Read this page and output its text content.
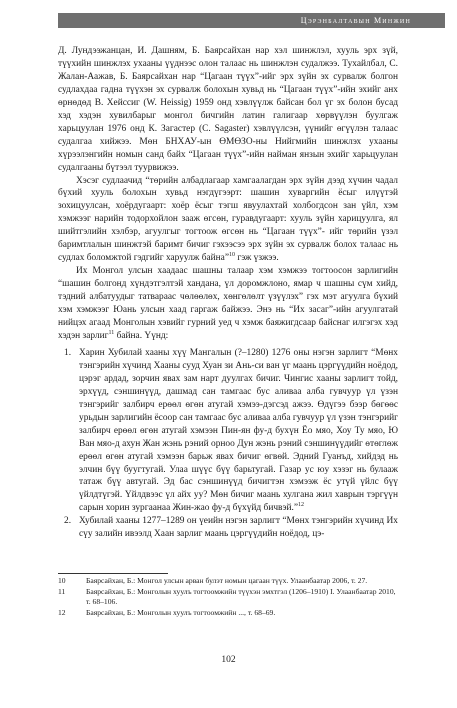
Цэрэнбалтавын Минжин

Д. Лундээжанцан, И. Дашням, Б. Баярсайхан нар хэл шинжлэл, хууль эрх зүй, түүхийн шинжлэх ухааны үүднээс олон талаас нь шинжлэн судалжээ. Тухайлбал, С. Жалан-Аажав, Б. Баярсайхан нар “Цагаан түүх”-ийг эрх зүйн эх сурвалж болгон судлахдаа гадна түүхэн эх сурвалж болохын хувьд нь “Цагаан түүх”-ийн эхийг анх өрнөдөд В. Хейссиг (W. Heissig) 1959 онд хэвлүүлж байсан бол үг эх болон бусад хэд хэдэн хувилбарыг монгол бичгийн латин галигаар хөрвүүлэн буулгаж харьцуулан 1976 онд К. Загастер (С. Sagaster) хэвлүүлсэн, үүнийг өгүүлэн талаас судалгаа хийжээ. Мөн БНХАУ-ын ӨМӨЗО-ны Нийгмийн шинжлэх ухааны хүрээлэнгийн номын санд байх “Цагаан түүх”-ийн найман янзын эхийг харьцуулан судалгааны бүтээл туурвижээ.

Хэсэг судлаачид “төрийн албадлагаар хамгаалагдан эрх зүйн дээд хүчин чадал бүхий хууль болохын хувьд нэгдүгээрт: шашин хуваргийн ёсыг илүүтэй зохицуулсан, хоёрдугаарт: хоёр ёсыг тэгш явуулахтай холбогдсон зан үйл, хэм хэмжээг нарийн тодорхойлон зааж өгсөн, гуравдугаарт: хууль зүйн харицуулга, ял шийтгэлийн хэлбэр, агуулгыг тогтоож өгсөн нь “Цагаан түүх”- ийг төрийн үзэл баримтлалын шинжтэй баримт бичиг гэхээсээ эрх зүйн эх сурвалж болох талаас нь судлах боломжтой гэдгийг харуулж байна”$^{10}$ гэж үзжээ.

Их Монгол улсын хаадаас шашны талаар хэм хэмжээ тогтоосон зарлигийн “шашин болгонд хүндэтгэлтэй хандана, үл доромжлоно, ямар ч шашны сүм хийд, тэдний албатуудыг татвараас чөлөөлөх, хөнгөлөлт үзүүлэх” гэх мэт агуулга бүхий хэм хэмжээг Юань улсын хаад гаргаж байжээ. Энэ нь “Их засаг”-ийн агуулгатай нийцэх агаад Монголын хэвийг гурний уед ч хэмж баяжигдсаар байснаг илгэгэх хэд хэдэн зарлиг$^{11}$ байна. Үүнд:

1. Харин Хубилай хааны хүү Мангалын (?–1280) 1276 оны нэгэн зарлигт “Мөнх тэнгэрийн хүчинд Хааны сууд Хуан зи Ань-си ван үг маань цэргүүдийн ноёдод, цэрэг ардад, зорчин явах зам нарт дуулгах бичиг. Чингис хааны зарлигт тойд, эрхүүд, сэншинүүд, дашмад сан тамгаас бус аливаа алба гувчуур үл үзэн тэнгэрийг залбирч ерөөл өгөн атугай хэмээ-дэгсэд ажээ. Өдүгээ бээр бөгөөс урьдын зарлигийн ёсоор сан тамгаас бус аливаа алба гувчуур үл үзэн тэнгэрийг залбирч ерөөл өгөн атугай хэмээн Пин-ян фу-д бухүн Ёо мяо, Хоу Ту мяо, Ю Ван мяо-д ахун Жан жэнь рэний орноо Дун жэнь рэний сэншинүүдийг өтөглөж ерөөл өгөн атугай хэмээн барьж явах бичиг өгвөй. Эдний Гуанъд, хийдэд нь элчин бүү буугтугай. Улаа шүүс бүү барьтугай. Газар ус юу хэзэг нь булааж татаж бүү автугай. Эд бас сэншинүүд бичигтэн хэмээж ёс утүй үйлс бүү үйлдтүгэй. Үйлдвээс үл айх уу? Мөн бичиг маань хулгана жил хаврын тэргүүн сарын хорин зургаанаа Жин-жао фу-д бүхүйд бичвэй.”$^{12}$
2. Хубилай хааны 1277–1289 он үеийн нэгэн зарлигт “Мөнх тэнгэрийн хүчинд Их сүу залийн ивээлд Хаан зарлиг маань цэргүүдийн ноёдод, цэ-
10	Баярсайхан, Б.: Монгол улсын арван булэт номын цагаан түүх. Улаанбаатар 2006, т. 27.
11	Баярсайхан, Б.: Монголын хуулъ тогтоомжийн түүхэн эмхтгэл (1206–1910) I. Улаанбаатар 2010, т. 68–106.
12	Баярсайхан, Б.: Монголын хуулъ тогтоомжийн ..., т. 68–69.
102
